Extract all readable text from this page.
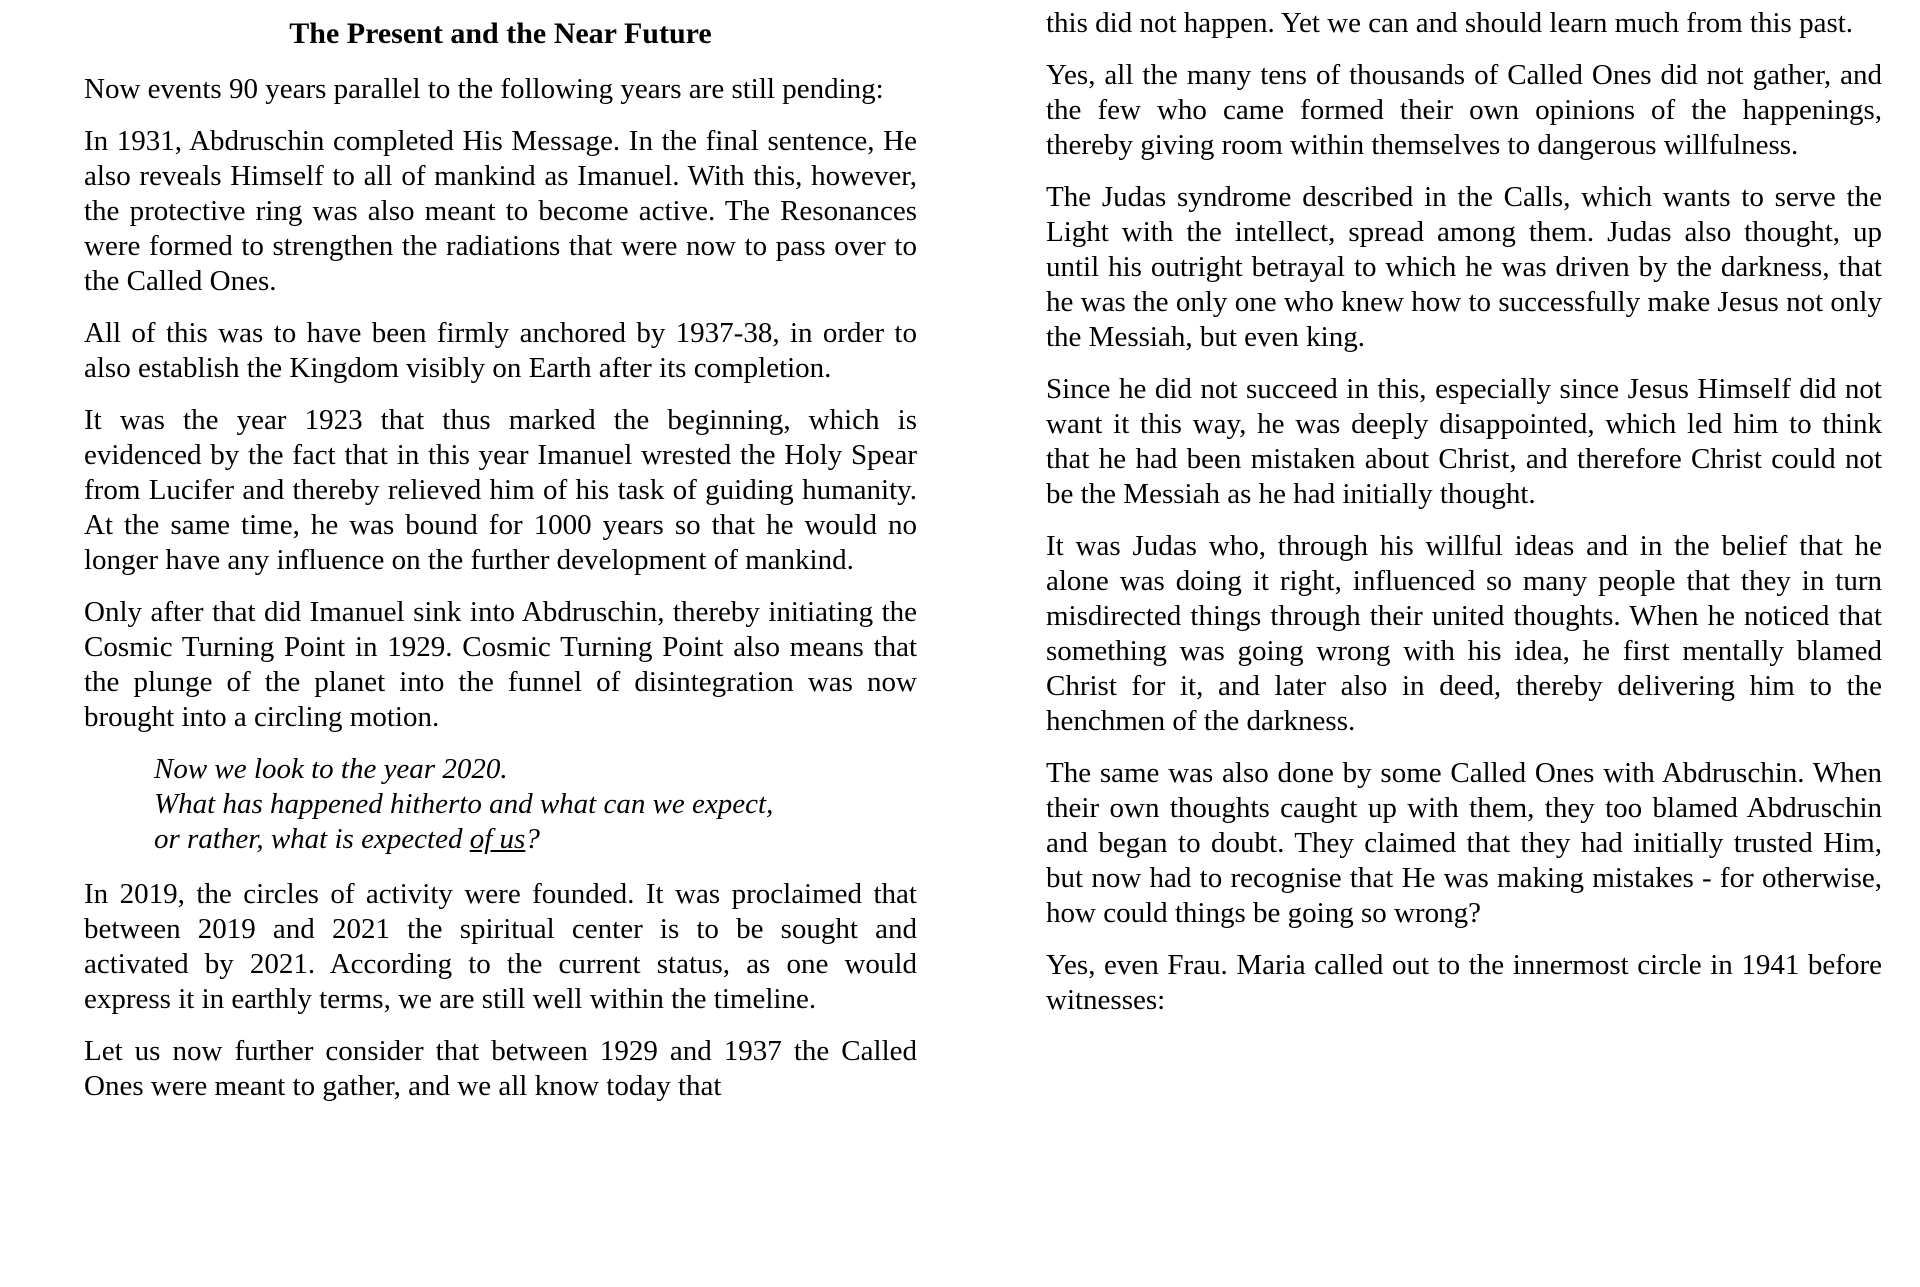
The Present and the Near Future

Now events 90 years parallel to the following years are still pending:

In 1931, Abdruschin completed His Message. In the final sentence, He also reveals Himself to all of mankind as Imanuel. With this, however, the protective ring was also meant to become active. The Resonances were formed to strengthen the radiations that were now to pass over to the Called Ones.

All of this was to have been firmly anchored by 1937-38, in order to also establish the Kingdom visibly on Earth after its completion.

It was the year 1923 that thus marked the beginning, which is evidenced by the fact that in this year Imanuel wrested the Holy Spear from Lucifer and thereby relieved him of his task of guiding humanity. At the same time, he was bound for 1000 years so that he would no longer have any influence on the further development of mankind.

Only after that did Imanuel sink into Abdruschin, thereby initiating the Cosmic Turning Point in 1929. Cosmic Turning Point also means that the plunge of the planet into the funnel of disintegration was now brought into a circling motion.

Now we look to the year 2020.
What has happened hitherto and what can we expect,
or rather, what is expected of us?

In 2019, the circles of activity were founded. It was proclaimed that between 2019 and 2021 the spiritual center is to be sought and activated by 2021. According to the current status, as one would express it in earthly terms, we are still well within the timeline.

Let us now further consider that between 1929 and 1937 the Called Ones were meant to gather, and we all know today that

this did not happen. Yet we can and should learn much from this past.

Yes, all the many tens of thousands of Called Ones did not gather, and the few who came formed their own opinions of the happenings, thereby giving room within themselves to dangerous willfulness.

The Judas syndrome described in the Calls, which wants to serve the Light with the intellect, spread among them. Judas also thought, up until his outright betrayal to which he was driven by the darkness, that he was the only one who knew how to successfully make Jesus not only the Messiah, but even king.

Since he did not succeed in this, especially since Jesus Himself did not want it this way, he was deeply disappointed, which led him to think that he had been mistaken about Christ, and therefore Christ could not be the Messiah as he had initially thought.

It was Judas who, through his willful ideas and in the belief that he alone was doing it right, influenced so many people that they in turn misdirected things through their united thoughts. When he noticed that something was going wrong with his idea, he first mentally blamed Christ for it, and later also in deed, thereby delivering him to the henchmen of the darkness.

The same was also done by some Called Ones with Abdruschin. When their own thoughts caught up with them, they too blamed Abdruschin and began to doubt. They claimed that they had initially trusted Him, but now had to recognise that He was making mistakes - for otherwise, how could things be going so wrong?

Yes, even Frau. Maria called out to the innermost circle in 1941 before witnesses:
